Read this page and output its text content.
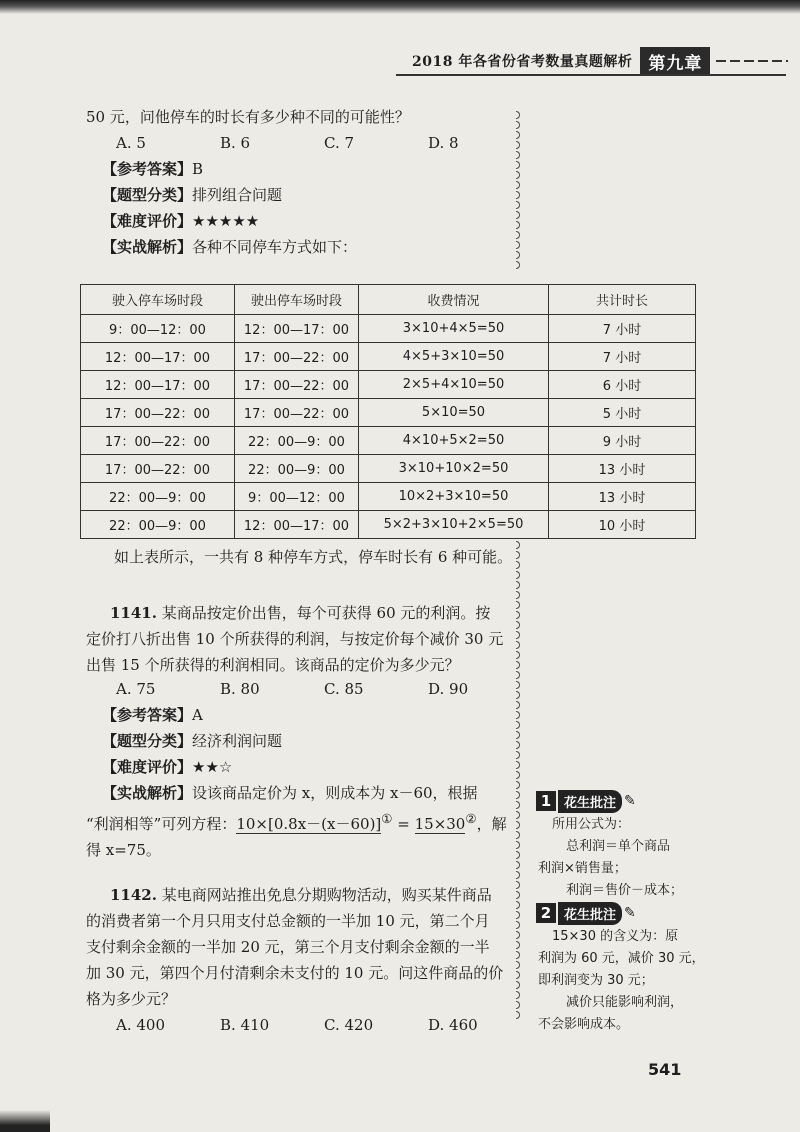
2018 年各省份省考数量真题解析 第九章
50 元，问他停车的时长有多少种不同的可能性？
A. 5	B. 6	C. 7	D. 8
【参考答案】B
【题型分类】排列组合问题
【难度评价】★★★★★
【实战解析】各种不同停车方式如下：
驶入停车场时段	驶出停车场时段	收费情况	共计时长
9：00—12：00	12：00—17：00	3×10+4×5=50	7 小时
12：00—17：00	17：00—22：00	4×5+3×10=50	7 小时
12：00—17：00	17：00—22：00	2×5+4×10=50	6 小时
17：00—22：00	17：00—22：00	5×10=50	5 小时
17：00—22：00	22：00—9：00	4×10+5×2=50	9 小时
17：00—22：00	22：00—9：00	3×10+10×2=50	13 小时
22：00—9：00	9：00—12：00	10×2+3×10=50	13 小时
22：00—9：00	12：00—17：00	5×2+3×10+2×5=50	10 小时
如上表所示，一共有 8 种停车方式，停车时长有 6 种可能。
1141. 某商品按定价出售，每个可获得 60 元的利润。按
定价打八折出售 10 个所获得的利润，与按定价每个减价 30 元
出售 15 个所获得的利润相同。该商品的定价为多少元？
A. 75	B. 80	C. 85	D. 90
【参考答案】A
【题型分类】经济利润问题
【难度评价】★★☆
【实战解析】设该商品定价为 x，则成本为 x－60，根据
“利润相等”可列方程：10×[0.8x－(x－60)]① = 15×30②，解
得 x=75。
1142. 某电商网站推出免息分期购物活动，购买某件商品
的消费者第一个月只用支付总金额的一半加 10 元，第二个月
支付剩余金额的一半加 20 元，第三个月支付剩余金额的一半
加 30 元，第四个月付清剩余未支付的 10 元。问这件商品的价
格为多少元？
A. 400	B. 410	C. 420	D. 460
1 花生批注 ✎
所用公式为：
总利润＝单个商品
利润×销售量；
利润＝售价－成本；
2 花生批注 ✎
15×30 的含义为：原
利润为 60 元，减价 30 元，
即利润变为 30 元；
减价只能影响利润，
不会影响成本。
541
